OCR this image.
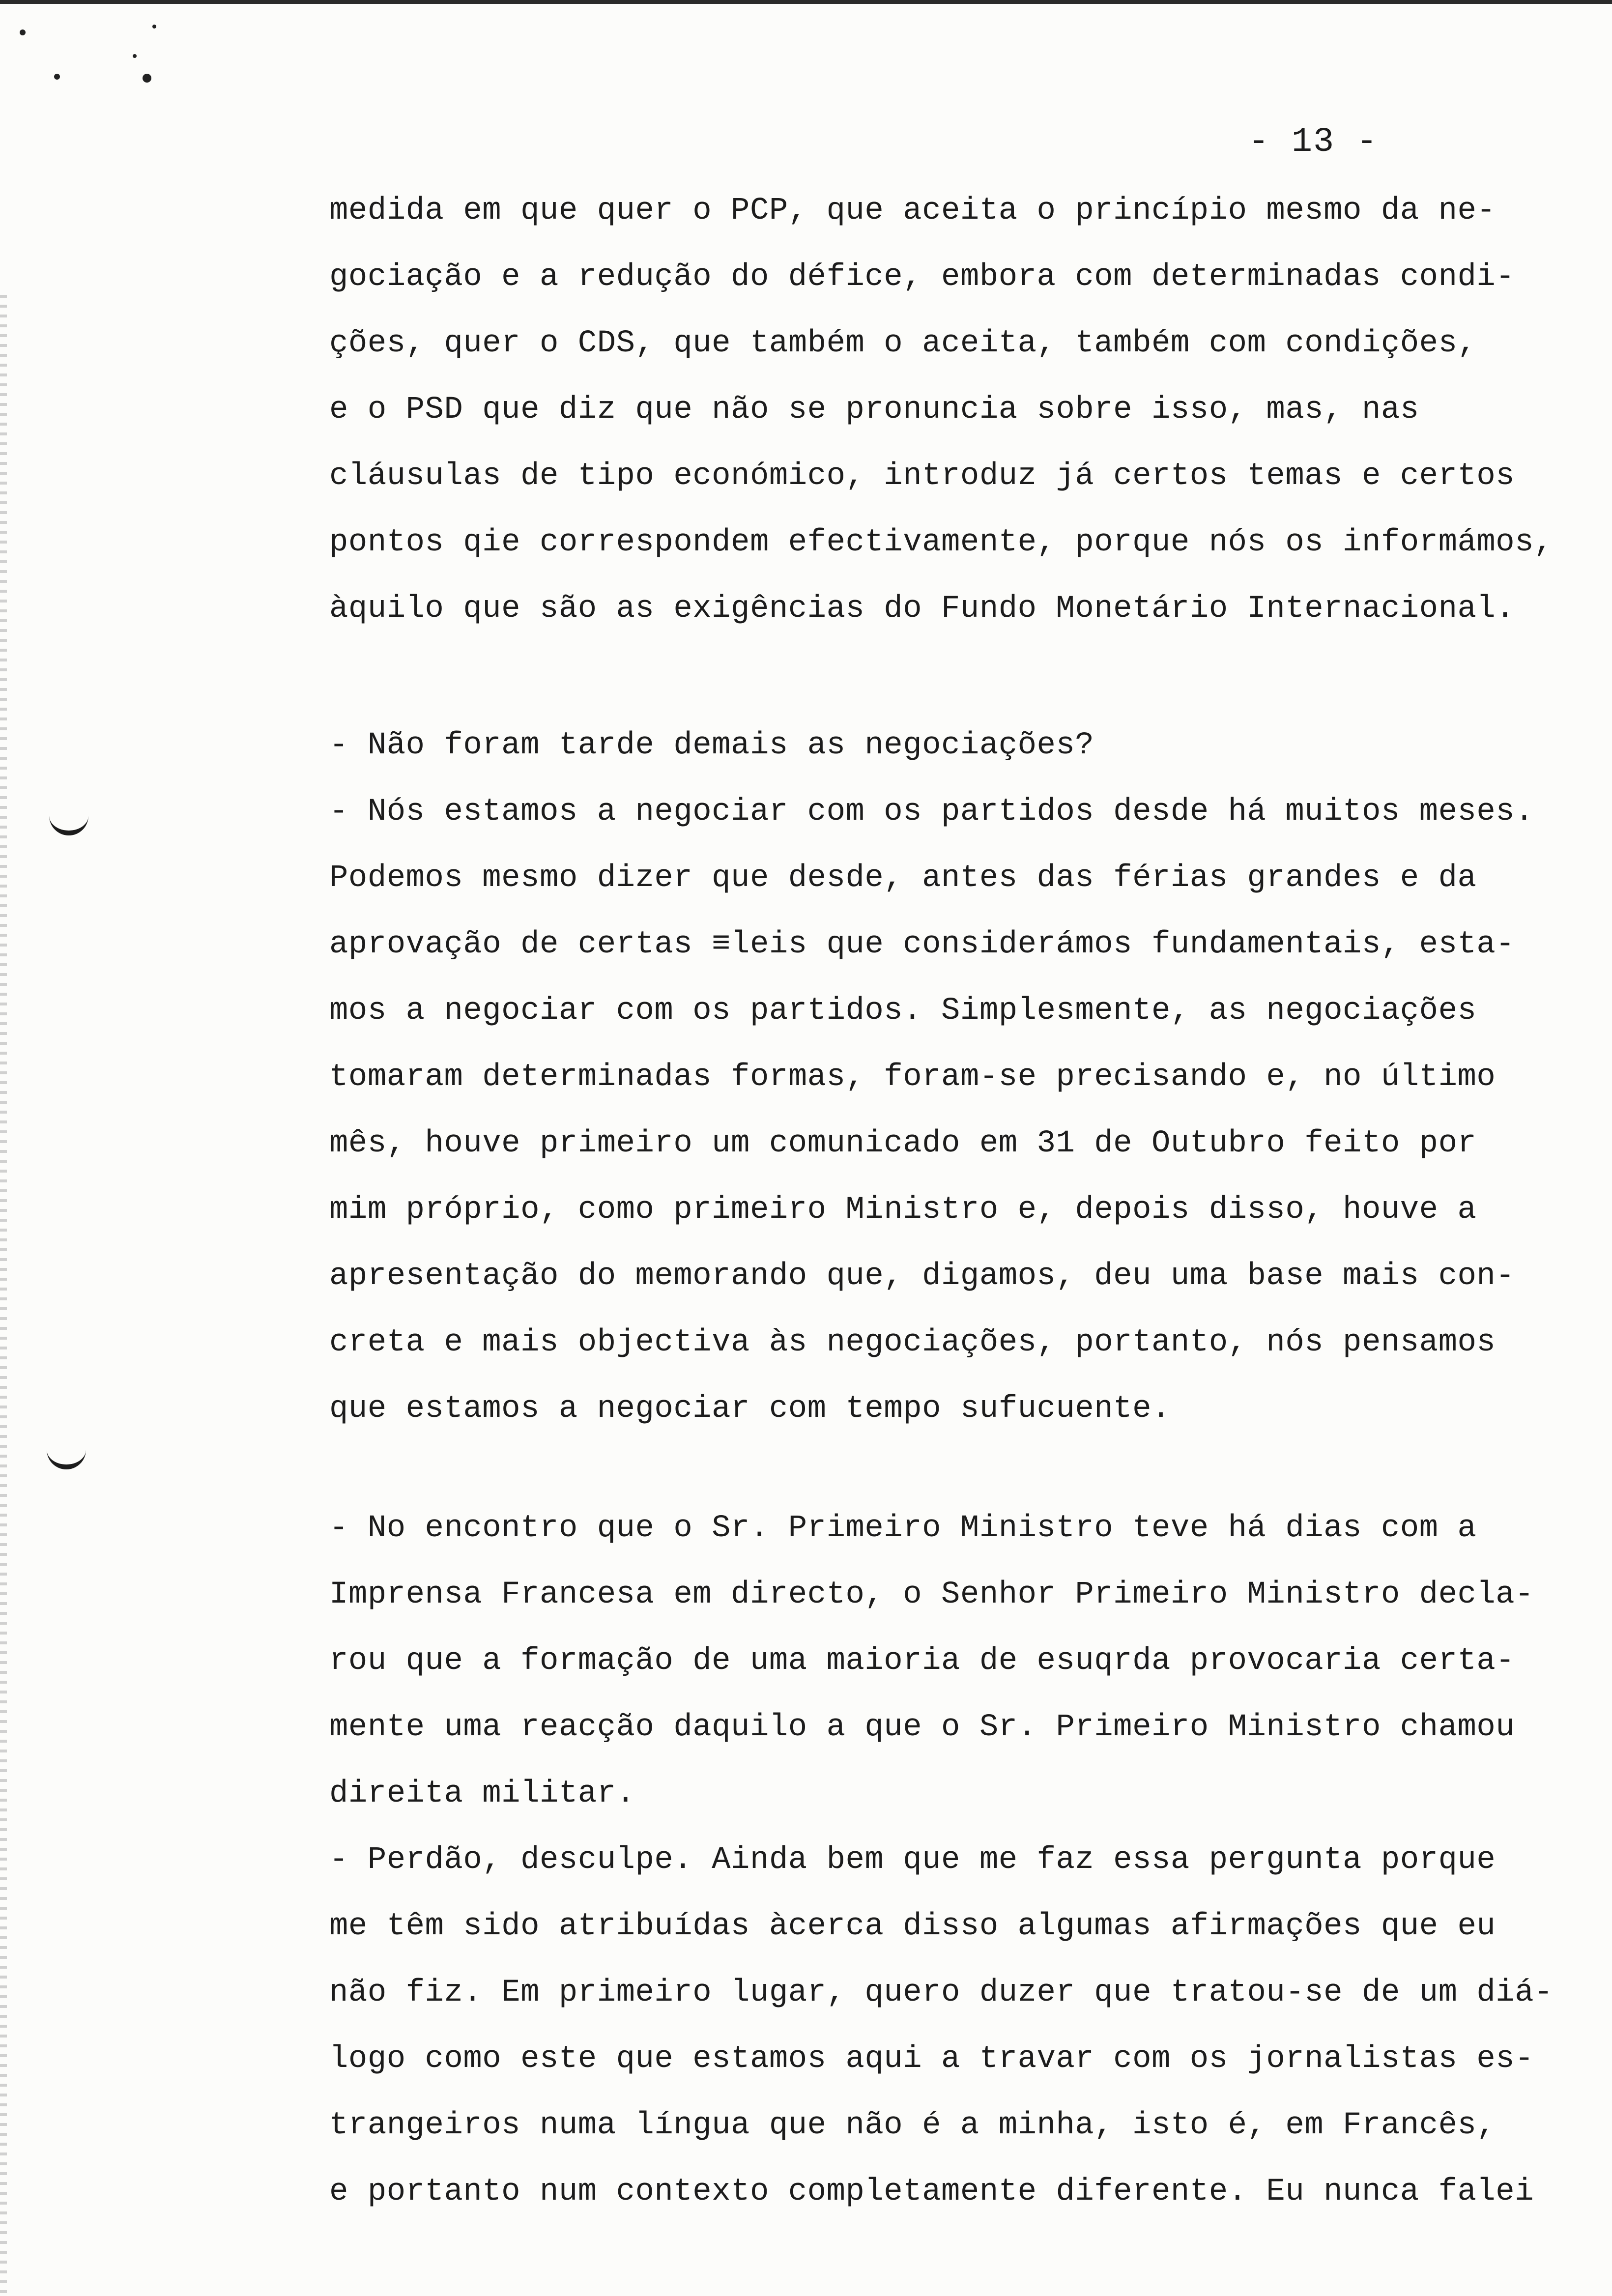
- 13 -
medida em que quer o PCP, que aceita o princípio mesmo da ne-
gociação e a redução do défice, embora com determinadas condi-
ções, quer o CDS, que também o aceita, também com condições,
e o PSD que diz que não se pronuncia sobre isso, mas, nas
cláusulas de tipo económico, introduz já certos temas e certos
pontos qie correspondem efectivamente, porque nós os informámos,
àquilo que são as exigências do Fundo Monetário Internacional.
- Não foram tarde demais as negociações?
- Nós estamos a negociar com os partidos desde há muitos meses.
Podemos mesmo dizer que desde, antes das férias grandes e da
aprovação de certas ≡leis que considerámos fundamentais, esta-
mos a negociar com os partidos. Simplesmente, as negociações
tomaram determinadas formas, foram-se precisando e, no último
mês, houve primeiro um comunicado em 31 de Outubro feito por
mim próprio, como primeiro Ministro e, depois disso, houve a
apresentação do memorando que, digamos, deu uma base mais con-
creta e mais objectiva às negociações, portanto, nós pensamos
que estamos a negociar com tempo sufucuente.
- No encontro que o Sr. Primeiro Ministro teve há dias com a
Imprensa Francesa em directo, o Senhor Primeiro Ministro decla-
rou que a formação de uma maioria de esuqrda provocaria certa-
mente uma reacção daquilo a que o Sr. Primeiro Ministro chamou
direita militar.
- Perdão, desculpe. Ainda bem que me faz essa pergunta porque
me têm sido atribuídas àcerca disso algumas afirmações que eu
não fiz. Em primeiro lugar, quero duzer que tratou-se de um diá-
logo como este que estamos aqui a travar com os jornalistas es-
trangeiros numa língua que não é a minha, isto é, em Francês,
e portanto num contexto completamente diferente. Eu nunca falei
